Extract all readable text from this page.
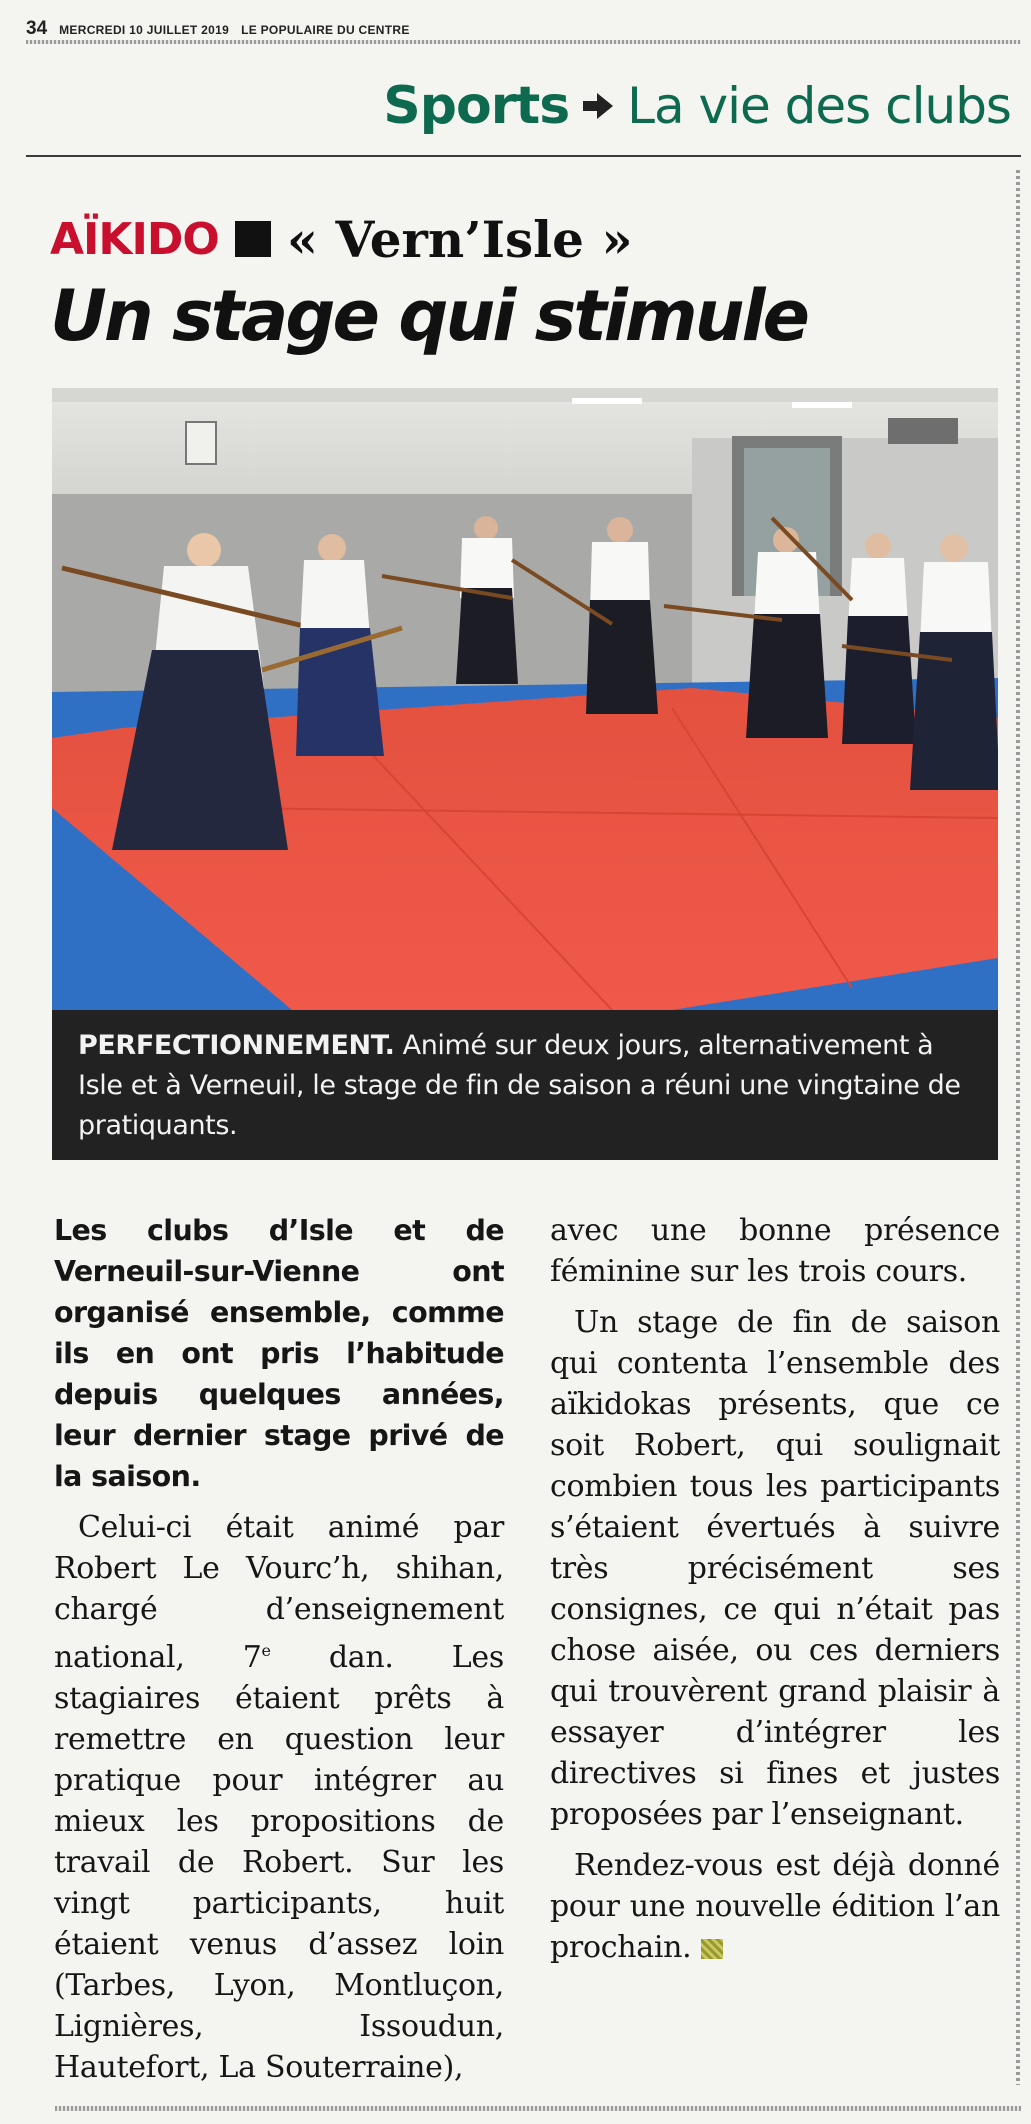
34 MERCREDI 10 JUILLET 2019 LE POPULAIRE DU CENTRE
Sports La vie des clubs
AÏKIDO « Vern’Isle »
Un stage qui stimule
PERFECTIONNEMENT. Animé sur deux jours, alternativement à Isle et à Verneuil, le stage de fin de saison a réuni une vingtaine de pratiquants.

Les clubs d’Isle et de Verneuil-sur-Vienne ont organisé ensemble, comme ils en ont pris l’habitude depuis quelques années, leur dernier stage privé de la saison.

Celui-ci était animé par Robert Le Vourc’h, shihan, chargé d’enseignement national, 7e dan. Les stagiaires étaient prêts à remettre en question leur pratique pour intégrer au mieux les propositions de travail de Robert. Sur les vingt participants, huit étaient venus d’assez loin (Tarbes, Lyon, Montluçon, Lignières, Issoudun, Hautefort, La Souterraine),

avec une bonne présence féminine sur les trois cours.

Un stage de fin de saison qui contenta l’ensemble des aïkidokas présents, que ce soit Robert, qui soulignait combien tous les participants s’étaient évertués à suivre très précisément ses consignes, ce qui n’était pas chose aisée, ou ces derniers qui trouvèrent grand plaisir à essayer d’intégrer les directives si fines et justes proposées par l’enseignant.

Rendez-vous est déjà donné pour une nouvelle édition l’an prochain.
